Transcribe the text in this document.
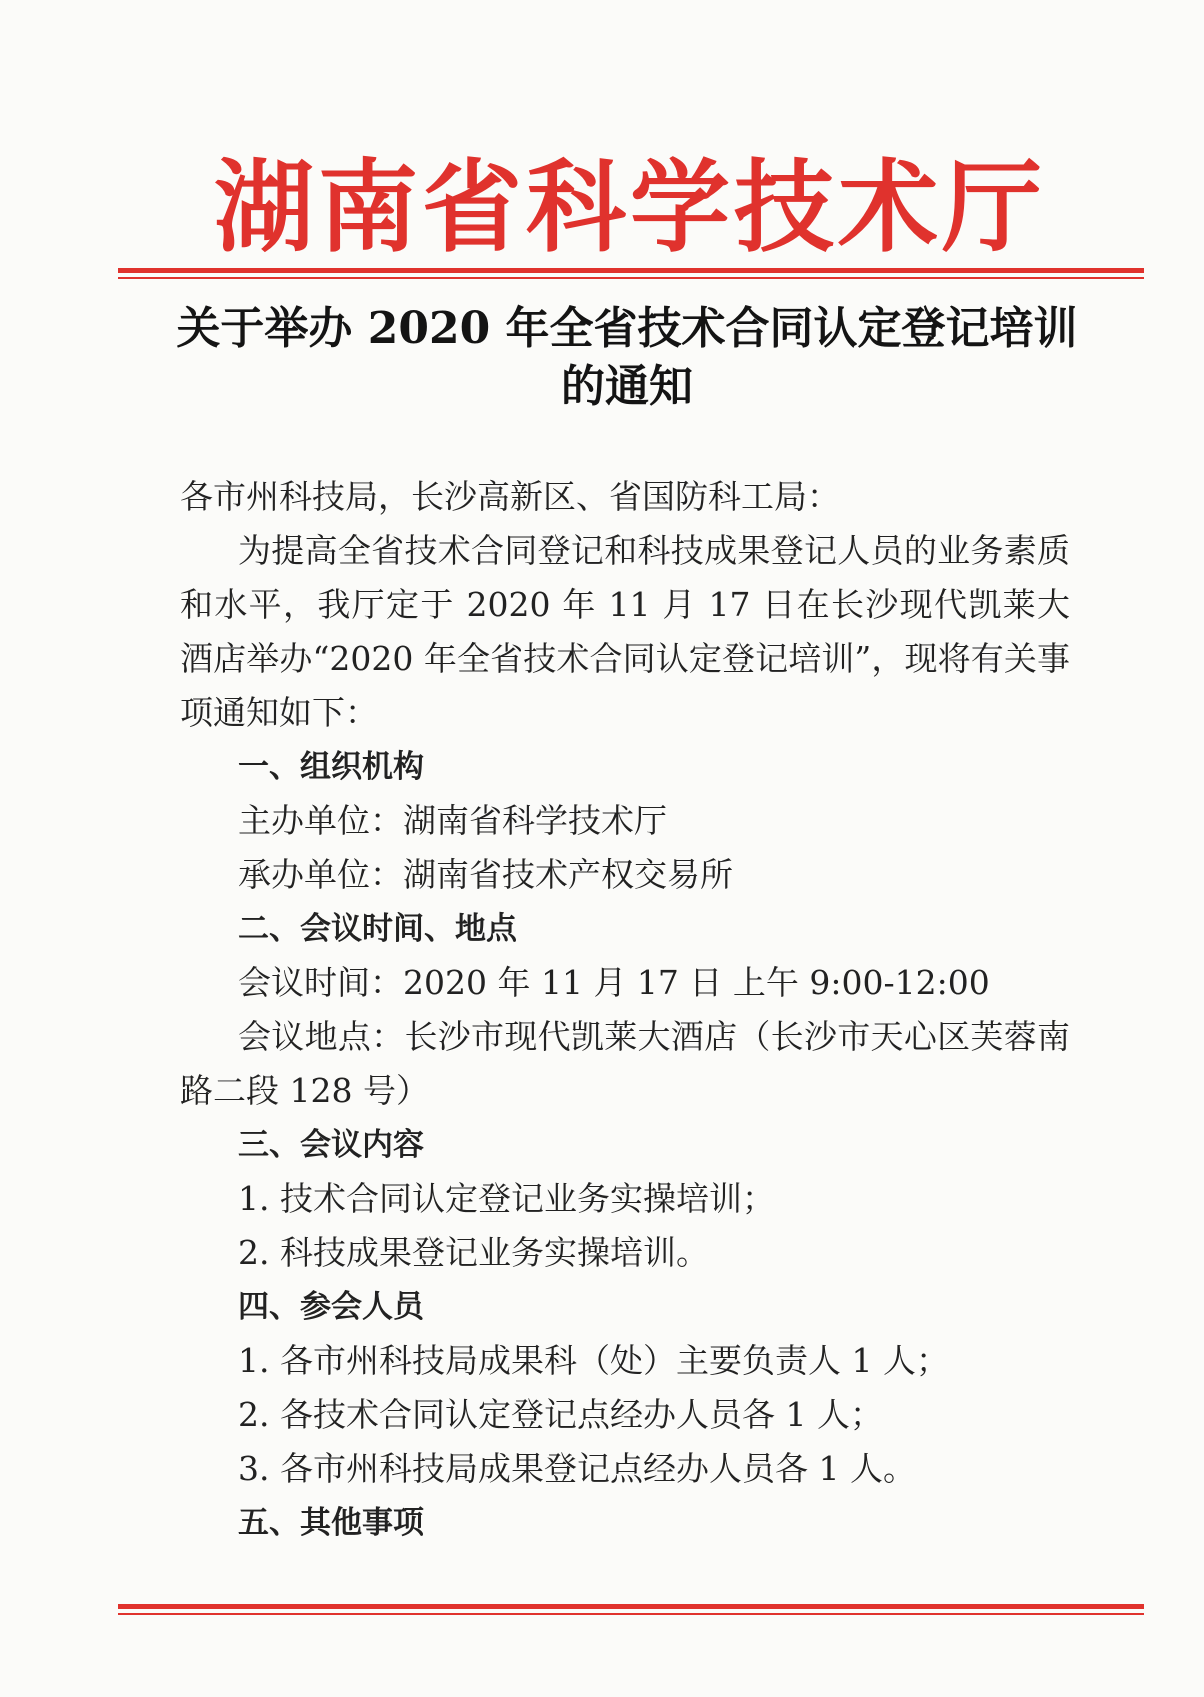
湖南省科学技术厅
关于举办 2020 年全省技术合同认定登记培训
的通知

各市州科技局，长沙高新区、省国防科工局：

为提高全省技术合同登记和科技成果登记人员的业务素质和水平，我厅定于 2020 年 11 月 17 日在长沙现代凯莱大酒店举办“2020 年全省技术合同认定登记培训”，现将有关事项通知如下：

一、组织机构

主办单位：湖南省科学技术厅

承办单位：湖南省技术产权交易所

二、会议时间、地点

会议时间：2020 年 11 月 17 日 上午 9:00-12:00

会议地点：长沙市现代凯莱大酒店（长沙市天心区芙蓉南路二段 128 号）

三、会议内容

1. 技术合同认定登记业务实操培训；

2. 科技成果登记业务实操培训。

四、参会人员

1. 各市州科技局成果科（处）主要负责人 1 人；

2. 各技术合同认定登记点经办人员各 1 人；

3. 各市州科技局成果登记点经办人员各 1 人。

五、其他事项
